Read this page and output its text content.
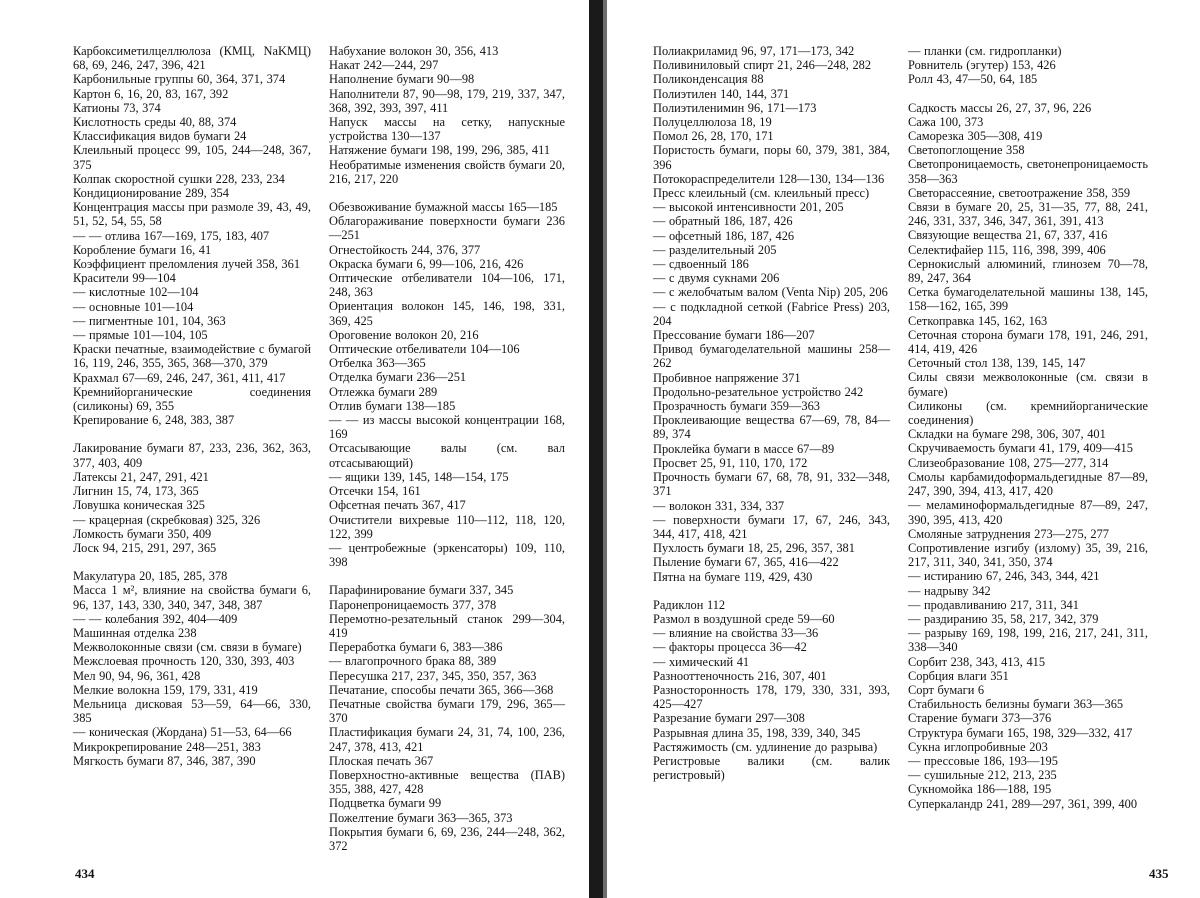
Карбоксиметилцеллюлоза (КМЦ, NaKMЦ) 68, 69, 246, 247, 396, 421
Карбонильные группы 60, 364, 371, 374
Картон 6, 16, 20, 83, 167, 392
Катионы 73, 374
Кислотность среды 40, 88, 374
Классификация видов бумаги 24
Клеильный процесс 99, 105, 244—248, 367, 375
Колпак скоростной сушки 228, 233, 234
Кондиционирование 289, 354
Концентрация массы при размоле 39, 43, 49, 51, 52, 54, 55, 58
— — отлива 167—169, 175, 183, 407
Коробление бумаги 16, 41
Коэффициент преломления лучей 358, 361
Красители 99—104
— кислотные 102—104
— основные 101—104
— пигментные 101, 104, 363
— прямые 101—104, 105
Краски печатные, взаимодействие с бумагой 16, 119, 246, 355, 365, 368—370, 379
Крахмал 67—69, 246, 247, 361, 411, 417
Кремнийорганические соединения (силиконы) 69, 355
Крепирование 6, 248, 383, 387
Лакирование бумаги 87, 233, 236, 362, 363, 377, 403, 409
Латексы 21, 247, 291, 421
Лигнин 15, 74, 173, 365
Ловушка коническая 325
— крацерная (скребковая) 325, 326
Ломкость бумаги 350, 409
Лоск 94, 215, 291, 297, 365
Макулатура 20, 185, 285, 378
Масса 1 м², влияние на свойства бумаги 6, 96, 137, 143, 330, 340, 347, 348, 387
— — колебания 392, 404—409
Машинная отделка 238
Межволоконные связи (см. связи в бумаге)
Межслоевая прочность 120, 330, 393, 403
Мел 90, 94, 96, 361, 428
Мелкие волокна 159, 179, 331, 419
Мельница дисковая 53—59, 64—66, 330, 385
— коническая (Жордана) 51—53, 64—66
Микрокрепирование 248—251, 383
Мягкость бумаги 87, 346, 387, 390
Набухание волокон 30, 356, 413
Накат 242—244, 297
Наполнение бумаги 90—98
Наполнители 87, 90—98, 179, 219, 337, 347, 368, 392, 393, 397, 411
Напуск массы на сетку, напускные устройства 130—137
Натяжение бумаги 198, 199, 296, 385, 411
Необратимые изменения свойств бумаги 20, 216, 217, 220
Обезвоживание бумажной массы 165—185
Облагораживание поверхности бумаги 236—251
Огнестойкость 244, 376, 377
Окраска бумаги 6, 99—106, 216, 426
Оптические отбеливатели 104—106, 171, 248, 363
Ориентация волокон 145, 146, 198, 331, 369, 425
Ороговение волокон 20, 216
Оптические отбеливатели 104—106
Отбелка 363—365
Отделка бумаги 236—251
Отлежка бумаги 289
Отлив бумаги 138—185
— — из массы высокой концентрации 168, 169
Отсасывающие валы (см. вал отсасывающий)
— ящики 139, 145, 148—154, 175
Отсечки 154, 161
Офсетная печать 367, 417
Очистители вихревые 110—112, 118, 120, 122, 399
— центробежные (эркенсаторы) 109, 110, 398
Парафинирование бумаги 337, 345
Паронепроницаемость 377, 378
Перемотно-резательный станок 299—304, 419
Переработка бумаги 6, 383—386
— влагопрочного брака 88, 389
Пересушка 217, 237, 345, 350, 357, 363
Печатание, способы печати 365, 366—368
Печатные свойства бумаги 179, 296, 365—370
Пластификация бумаги 24, 31, 74, 100, 236, 247, 378, 413, 421
Плоская печать 367
Поверхностно-активные вещества (ПАВ) 355, 388, 427, 428
Подцветка бумаги 99
Пожелтение бумаги 363—365, 373
Покрытия бумаги 6, 69, 236, 244—248, 362, 372
434
Полиакриламид 96, 97, 171—173, 342
Поливиниловый спирт 21, 246—248, 282
Поликонденсация 88
Полиэтилен 140, 144, 371
Полиэтиленимин 96, 171—173
Полуцеллюлоза 18, 19
Помол 26, 28, 170, 171
Пористость бумаги, поры 60, 379, 381, 384, 396
Потокораспределители 128—130, 134—136
Пресс клеильный (см. клеильный пресс)
— высокой интенсивности 201, 205
— обратный 186, 187, 426
— офсетный 186, 187, 426
— разделительный 205
— сдвоенный 186
— с двумя сукнами 206
— с желобчатым валом (Venta Nip) 205, 206
— с подкладной сеткой (Fabrice Press) 203, 204
Прессование бумаги 186—207
Привод бумагоделательной машины 258—262
Пробивное напряжение 371
Продольно-резательное устройство 242
Прозрачность бумаги 359—363
Проклеивающие вещества 67—69, 78, 84—89, 374
Проклейка бумаги в массе 67—89
Просвет 25, 91, 110, 170, 172
Прочность бумаги 67, 68, 78, 91, 332—348, 371
— волокон 331, 334, 337
— поверхности бумаги 17, 67, 246, 343, 344, 417, 418, 421
Пухлость бумаги 18, 25, 296, 357, 381
Пыление бумаги 67, 365, 416—422
Пятна на бумаге 119, 429, 430
Радиклон 112
Размол в воздушной среде 59—60
— влияние на свойства 33—36
— факторы процесса 36—42
— химический 41
Разнооттеночность 216, 307, 401
Разносторонность 178, 179, 330, 331, 393, 425—427
Разрезание бумаги 297—308
Разрывная длина 35, 198, 339, 340, 345
Растяжимость (см. удлинение до разрыва)
Регистровые валики (см. валик регистровый)
— планки (см. гидропланки)
Ровнитель (эгутер) 153, 426
Ролл 43, 47—50, 64, 185
Садкость массы 26, 27, 37, 96, 226
Сажа 100, 373
Саморезка 305—308, 419
Светопоглощение 358
Светопроницаемость, светонепроницаемость 358—363
Светорассеяние, светоотражение 358, 359
Связи в бумаге 20, 25, 31—35, 77, 88, 241, 246, 331, 337, 346, 347, 361, 391, 413
Связующие вещества 21, 67, 337, 416
Селектифайер 115, 116, 398, 399, 406
Сернокислый алюминий, глинозем 70—78, 89, 247, 364
Сетка бумагоделательной машины 138, 145, 158—162, 165, 399
Сеткоправка 145, 162, 163
Сеточная сторона бумаги 178, 191, 246, 291, 414, 419, 426
Сеточный стол 138, 139, 145, 147
Силы связи межволоконные (см. связи в бумаге)
Силиконы (см. кремнийорганические соединения)
Складки на бумаге 298, 306, 307, 401
Скручиваемость бумаги 41, 179, 409—415
Слизеобразование 108, 275—277, 314
Смолы карбамидоформальдегидные 87—89, 247, 390, 394, 413, 417, 420
— меламиноформальдегидные 87—89, 247, 390, 395, 413, 420
Смоляные затруднения 273—275, 277
Сопротивление изгибу (излому) 35, 39, 216, 217, 311, 340, 341, 350, 374
— истиранию 67, 246, 343, 344, 421
— надрыву 342
— продавливанию 217, 311, 341
— раздиранию 35, 58, 217, 342, 379
— разрыву 169, 198, 199, 216, 217, 241, 311, 338—340
Сорбит 238, 343, 413, 415
Сорбция влаги 351
Сорт бумаги 6
Стабильность белизны бумаги 363—365
Старение бумаги 373—376
Структура бумаги 165, 198, 329—332, 417
Сукна иглопробивные 203
— прессовые 186, 193—195
— сушильные 212, 213, 235
Сукномойка 186—188, 195
Суперкаландр 241, 289—297, 361, 399, 400
435
